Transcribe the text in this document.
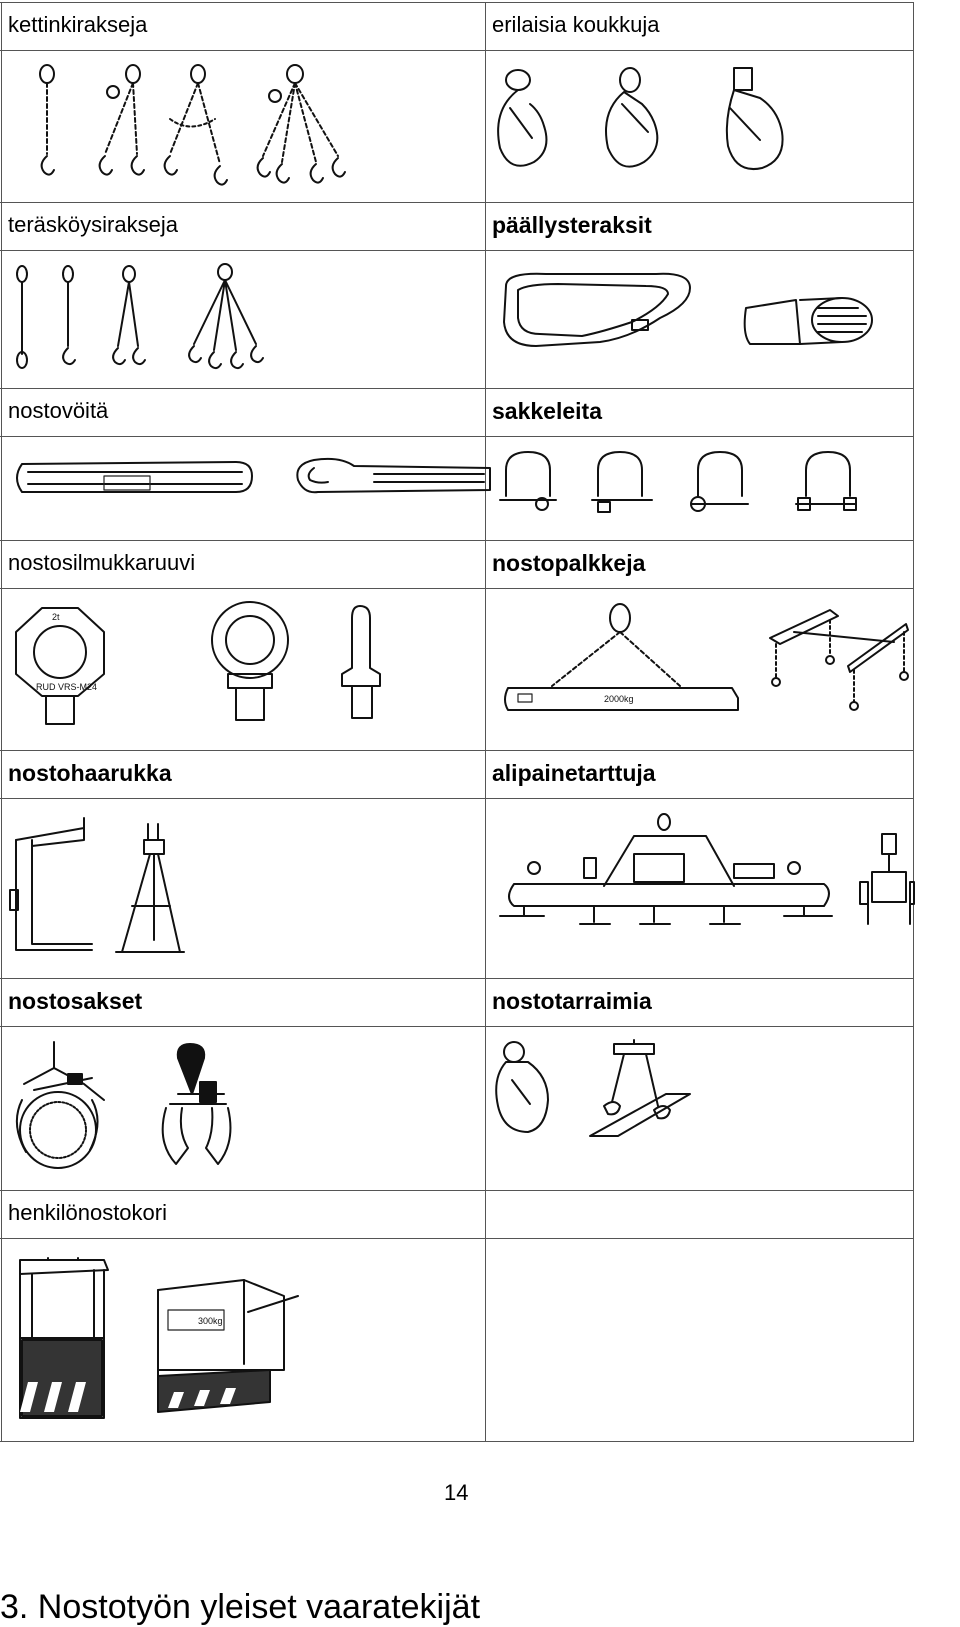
kettinkirakseja	erilaisia koukkuja
teräsköysirakseja	päällysteraksit
nostovöitä	sakkeleita
nostosilmukkaruuvi	nostopalkkeja
nostohaarukka	alipainetarttuja
nostosakset	nostotarraimia
henkilönostokori
2t
RUD VRS-M24
2000kg
300kg
14
3. Nostotyön yleiset vaaratekijät
